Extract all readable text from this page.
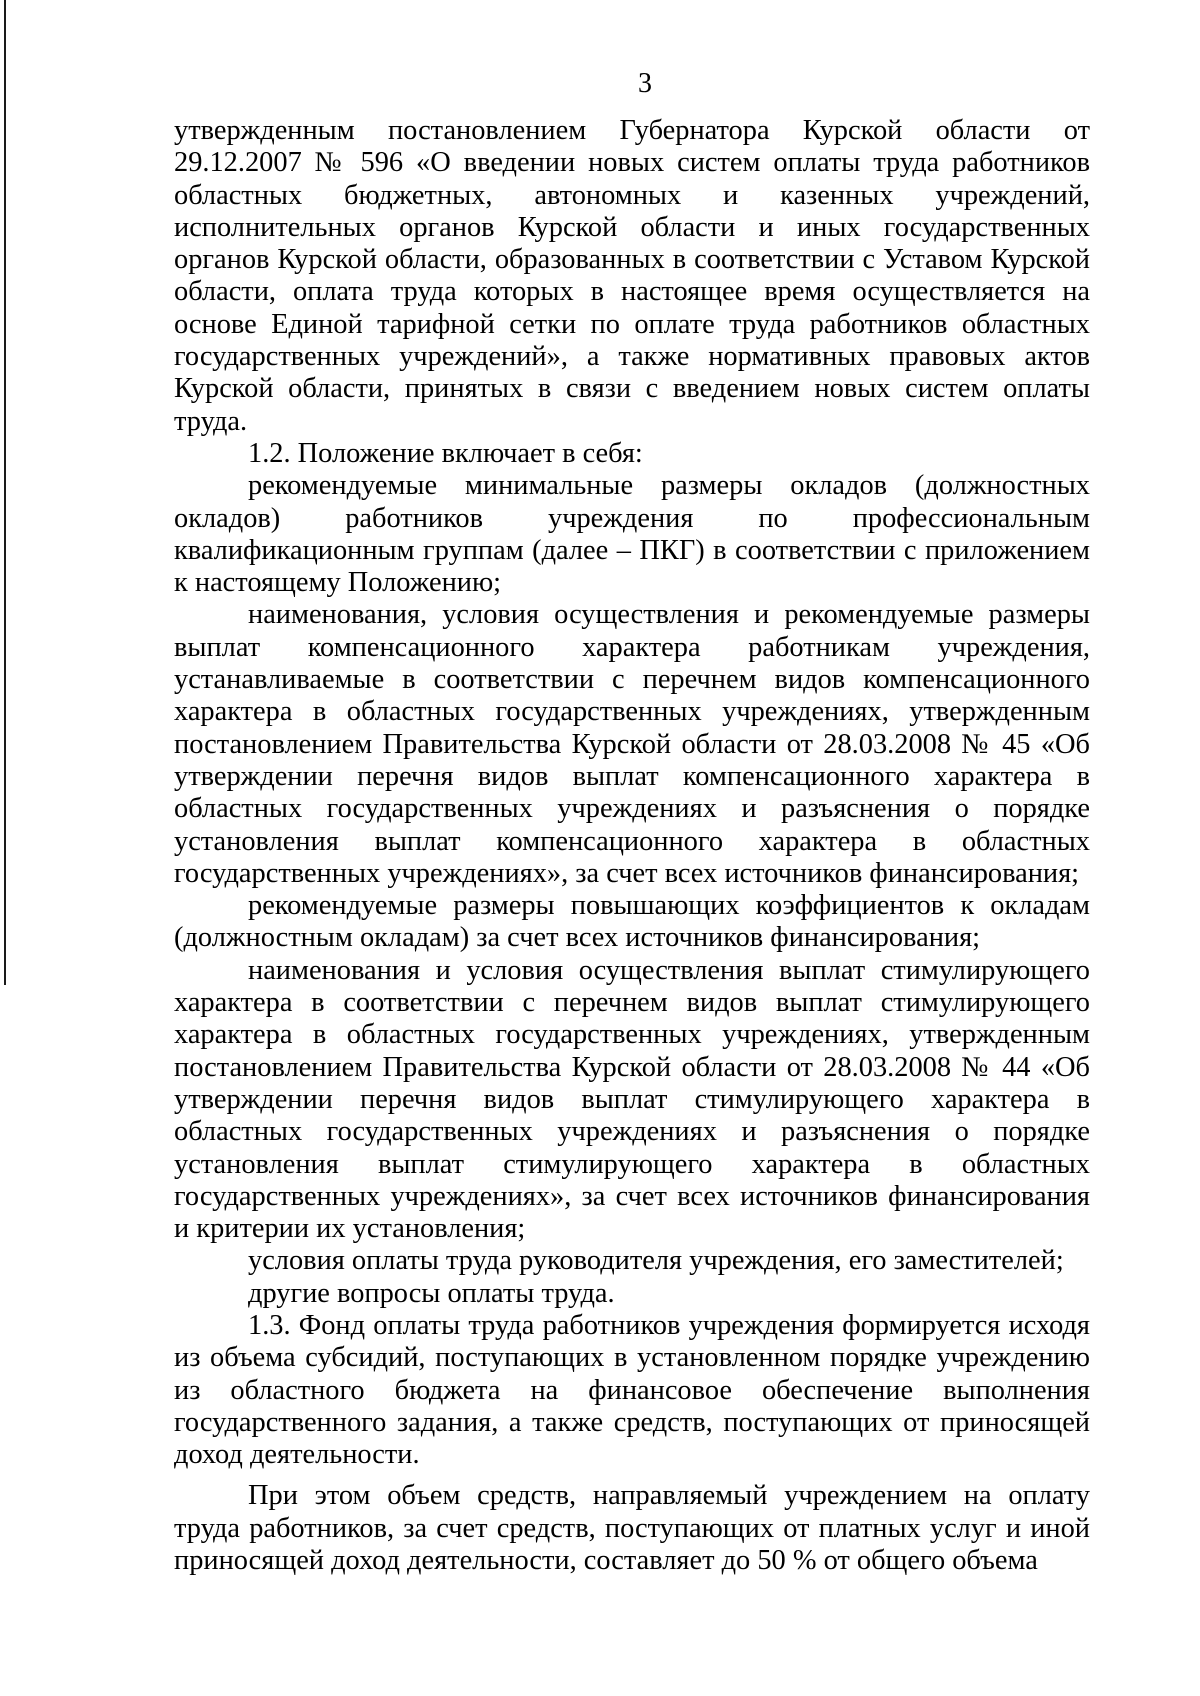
3

утвержденным постановлением Губернатора Курской области от 29.12.2007 № 596 «О введении новых систем оплаты труда работников областных бюджетных, автономных и казенных учреждений, исполнительных органов Курской области и иных государственных органов Курской области, образованных в соответствии с Уставом Курской области, оплата труда которых в настоящее время осуществляется на основе Единой тарифной сетки по оплате труда работников областных государственных учреждений», а также нормативных правовых актов Курской области, принятых в связи с введением новых систем оплаты труда.

1.2. Положение включает в себя:

рекомендуемые минимальные размеры окладов (должностных окладов) работников учреждения по профессиональным квалификационным группам (далее – ПКГ) в соответствии с приложением к настоящему Положению;

наименования, условия осуществления и рекомендуемые размеры выплат компенсационного характера работникам учреждения, устанавливаемые в соответствии с перечнем видов компенсационного характера в областных государственных учреждениях, утвержденным постановлением Правительства Курской области от 28.03.2008 № 45 «Об утверждении перечня видов выплат компенсационного характера в областных государственных учреждениях и разъяснения о порядке установления выплат компенсационного характера в областных государственных учреждениях», за счет всех источников финансирования;

рекомендуемые размеры повышающих коэффициентов к окладам (должностным окладам) за счет всех источников финансирования;

наименования и условия осуществления выплат стимулирующего характера в соответствии с перечнем видов выплат стимулирующего характера в областных государственных учреждениях, утвержденным постановлением Правительства Курской области от 28.03.2008 № 44 «Об утверждении перечня видов выплат стимулирующего характера в областных государственных учреждениях и разъяснения о порядке установления выплат стимулирующего характера в областных государственных учреждениях», за счет всех источников финансирования и критерии их установления;

условия оплаты труда руководителя учреждения, его заместителей;

другие вопросы оплаты труда.

1.3. Фонд оплаты труда работников учреждения формируется исходя из объема субсидий, поступающих в установленном порядке учреждению из областного бюджета на финансовое обеспечение выполнения государственного задания, а также средств, поступающих от приносящей доход деятельности.

При этом объем средств, направляемый учреждением на оплату труда работников, за счет средств, поступающих от платных услуг и иной приносящей доход деятельности, составляет до 50 % от общего объема
